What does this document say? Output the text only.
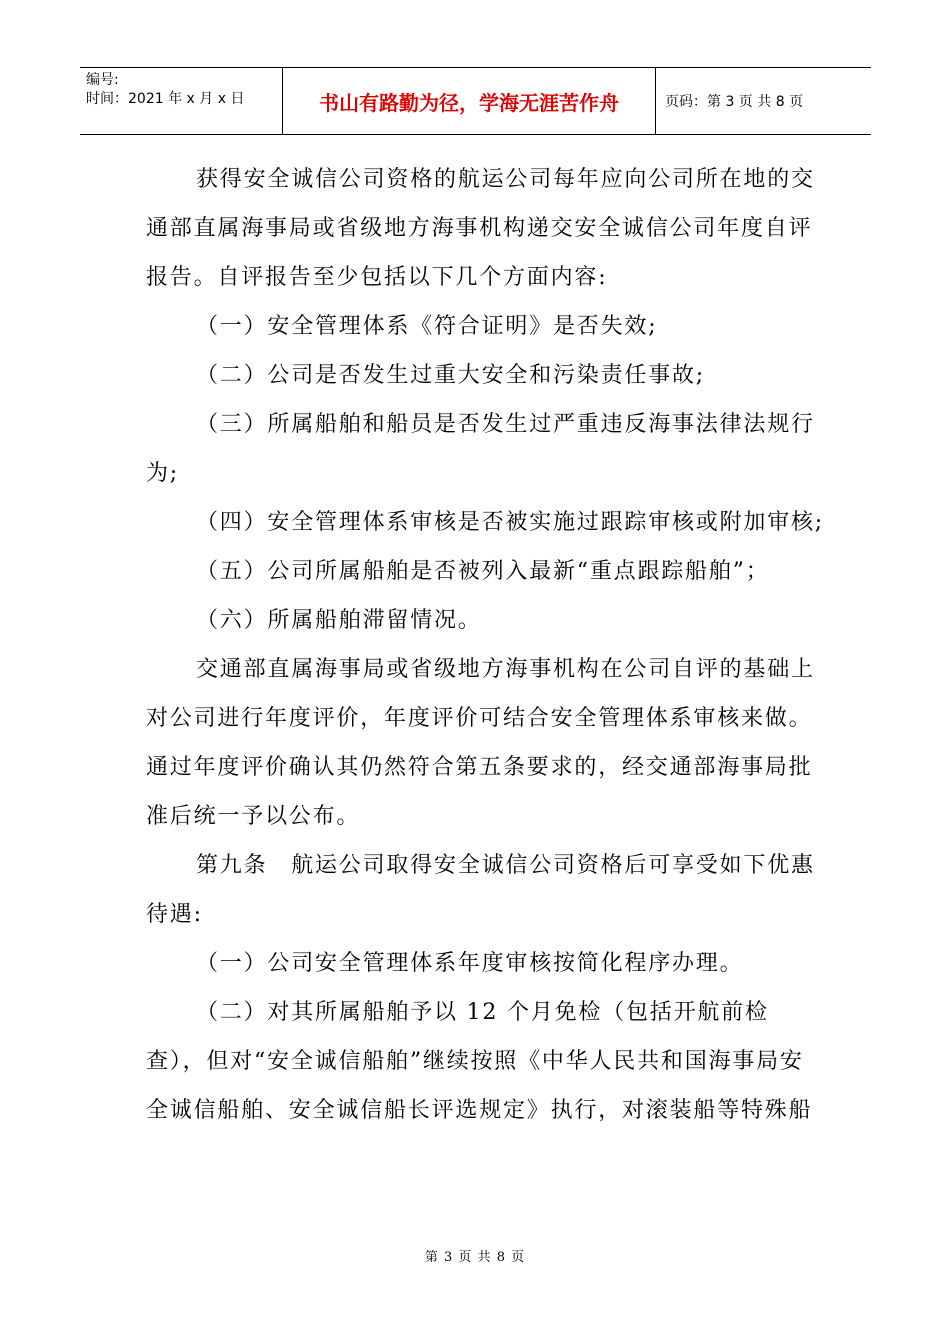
编号:
时间：2021 年 x 月 x 日	书山有路勤为径，学海无涯苦作舟	页码：第 3 页 共 8 页

获得安全诚信公司资格的航运公司每年应向公司所在地的交通部直属海事局或省级地方海事机构递交安全诚信公司年度自评报告。自评报告至少包括以下几个方面内容:

（一）安全管理体系《符合证明》是否失效;

（二）公司是否发生过重大安全和污染责任事故;

（三）所属船舶和船员是否发生过严重违反海事法律法规行为;

（四）安全管理体系审核是否被实施过跟踪审核或附加审核;

（五）公司所属船舶是否被列入最新“重点跟踪船舶”；

（六）所属船舶滞留情况。

交通部直属海事局或省级地方海事机构在公司自评的基础上对公司进行年度评价，年度评价可结合安全管理体系审核来做。通过年度评价确认其仍然符合第五条要求的，经交通部海事局批准后统一予以公布。

第九条　航运公司取得安全诚信公司资格后可享受如下优惠待遇:

（一）公司安全管理体系年度审核按简化程序办理。

（二）对其所属船舶予以 12 个月免检（包括开航前检查），但对“安全诚信船舶”继续按照《中华人民共和国海事局安全诚信船舶、安全诚信船长评选规定》执行，对滚装船等特殊船

第 3 页 共 8 页
